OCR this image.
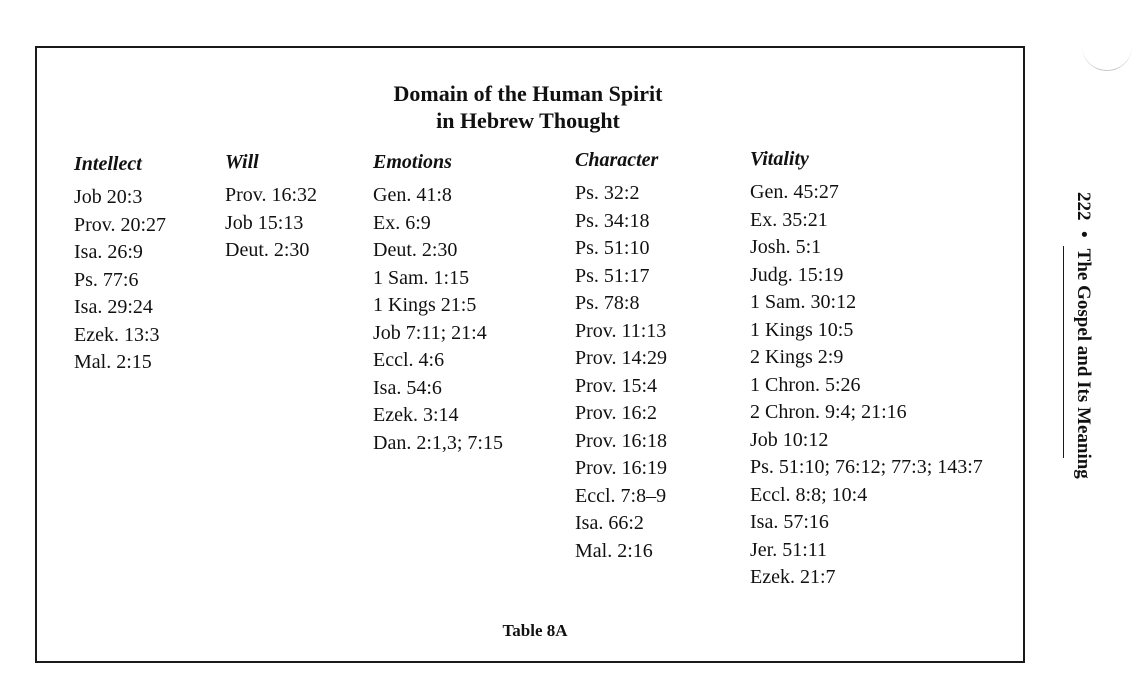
Domain of the Human Spirit
in Hebrew Thought
Intellect
Job 20:3
Prov. 20:27
Isa. 26:9
Ps. 77:6
Isa. 29:24
Ezek. 13:3
Mal. 2:15
Will
Prov. 16:32
Job 15:13
Deut. 2:30
Emotions
Gen. 41:8
Ex. 6:9
Deut. 2:30
1 Sam. 1:15
1 Kings 21:5
Job 7:11; 21:4
Eccl. 4:6
Isa. 54:6
Ezek. 3:14
Dan. 2:1,3; 7:15
Character
Ps. 32:2
Ps. 34:18
Ps. 51:10
Ps. 51:17
Ps. 78:8
Prov. 11:13
Prov. 14:29
Prov. 15:4
Prov. 16:2
Prov. 16:18
Prov. 16:19
Eccl. 7:8–9
Isa. 66:2
Mal. 2:16
Vitality
Gen. 45:27
Ex. 35:21
Josh. 5:1
Judg. 15:19
1 Sam. 30:12
1 Kings 10:5
2 Kings 2:9
1 Chron. 5:26
2 Chron. 9:4; 21:16
Job 10:12
Ps. 51:10; 76:12; 77:3; 143:7
Eccl. 8:8; 10:4
Isa. 57:16
Jer. 51:11
Ezek. 21:7
Table 8A
222 • The Gospel and Its Meaning
